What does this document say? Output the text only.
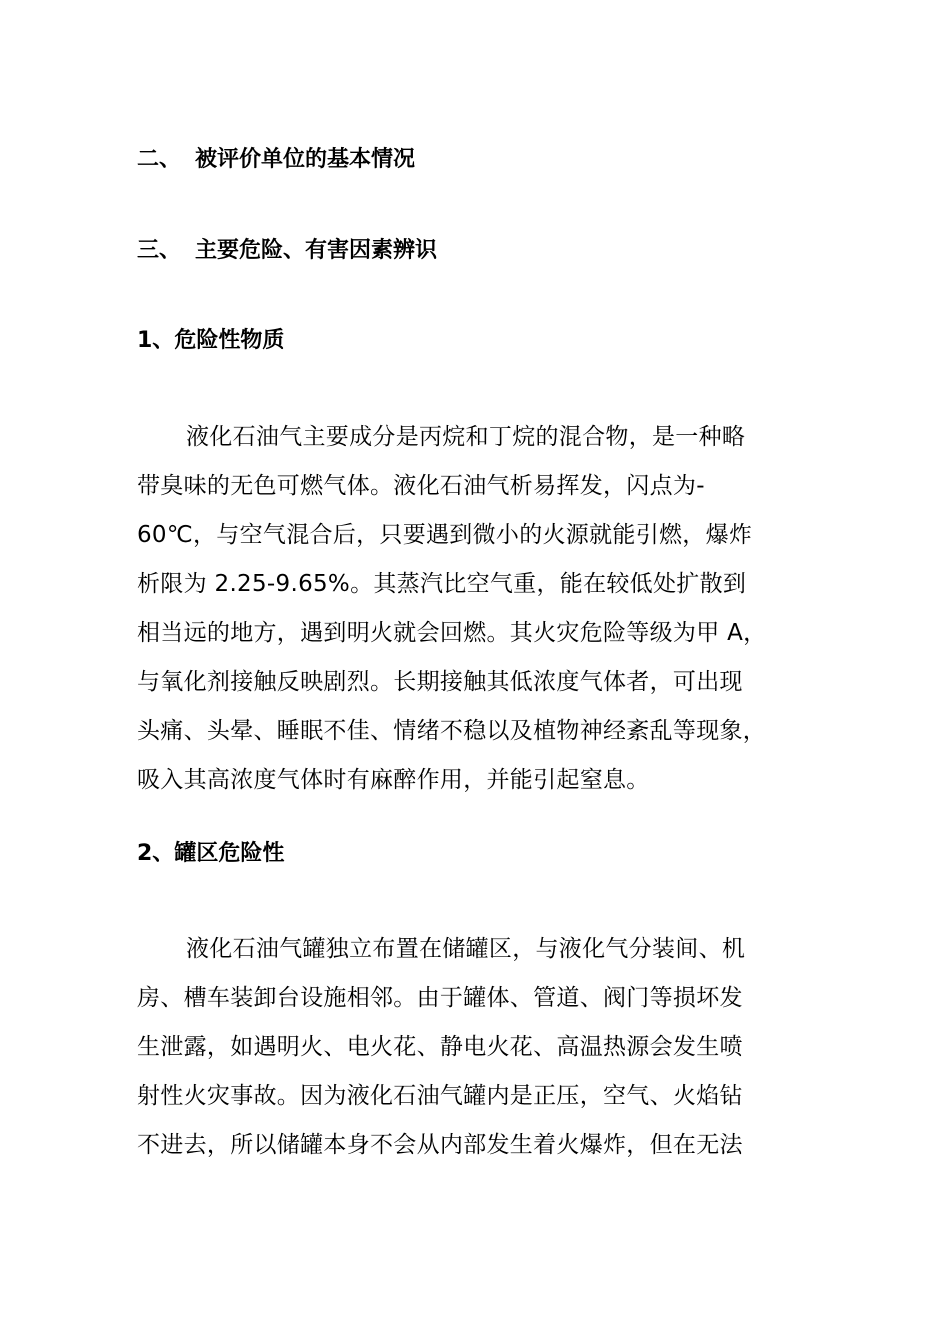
二、 被评价单位的基本情况
三、 主要危险、有害因素辨识
1、危险性物质
液化石油气主要成分是丙烷和丁烷的混合物，是一种略
带臭味的无色可燃气体。液化石油气析易挥发，闪点为-
60℃，与空气混合后，只要遇到微小的火源就能引燃，爆炸
析限为 2.25-9.65%。其蒸汽比空气重，能在较低处扩散到
相当远的地方，遇到明火就会回燃。其火灾危险等级为甲 A，
与氧化剂接触反映剧烈。长期接触其低浓度气体者，可出现
头痛、头晕、睡眠不佳、情绪不稳以及植物神经紊乱等现象，
吸入其高浓度气体时有麻醉作用，并能引起窒息。
2、罐区危险性
液化石油气罐独立布置在储罐区，与液化气分装间、机
房、槽车装卸台设施相邻。由于罐体、管道、阀门等损坏发
生泄露，如遇明火、电火花、静电火花、高温热源会发生喷
射性火灾事故。因为液化石油气罐内是正压，空气、火焰钻
不进去，所以储罐本身不会从内部发生着火爆炸，但在无法
